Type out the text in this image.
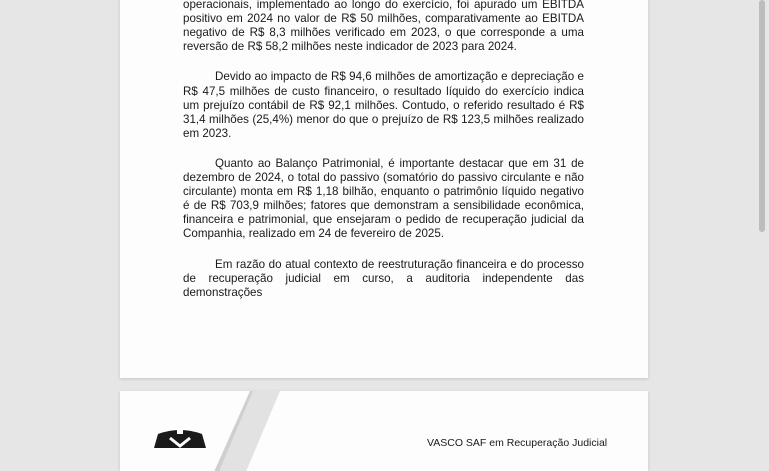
operacionais, implementado ao longo do exercício, foi apurado um EBITDA positivo em 2024 no valor de R$ 50 milhões, comparativamente ao EBITDA negativo de R$ 8,3 milhões verificado em 2023, o que corresponde a uma reversão de R$ 58,2 milhões neste indicador de 2023 para 2024.

Devido ao impacto de R$ 94,6 milhões de amortização e depreciação e R$ 47,5 milhões de custo financeiro, o resultado líquido do exercício indica um prejuízo contábil de R$ 92,1 milhões. Contudo, o referido resultado é R$ 31,4 milhões (25,4%) menor do que o prejuízo de R$ 123,5 milhões realizado em 2023.

Quanto ao Balanço Patrimonial, é importante destacar que em 31 de dezembro de 2024, o total do passivo (somatório do passivo circulante e não circulante) monta em R$ 1,18 bilhão, enquanto o patrimônio líquido negativo é de R$ 703,9 milhões; fatores que demonstram a sensibilidade econômica, financeira e patrimonial, que ensejaram o pedido de recuperação judicial da Companhia, realizado em 24 de fevereiro de 2025.

Em razão do atual contexto de reestruturação financeira e do processo de recuperação judicial em curso, a auditoria independente das demonstrações

VASCO SAF em Recuperação Judicial
